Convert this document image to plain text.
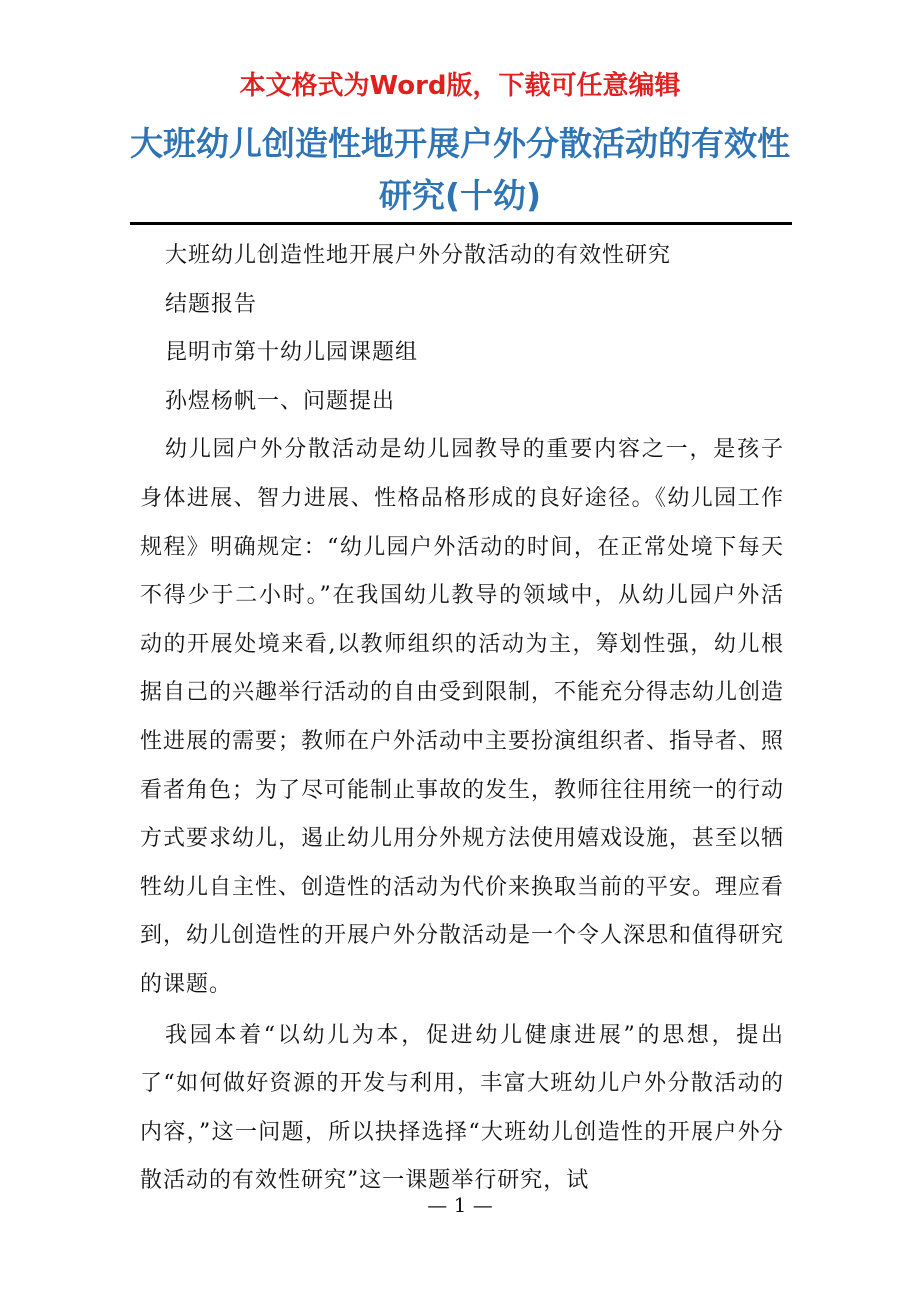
本文格式为Word版，下载可任意编辑
大班幼儿创造性地开展户外分散活动的有效性研究(十幼)

大班幼儿创造性地开展户外分散活动的有效性研究

结题报告

昆明市第十幼儿园课题组

孙煜杨帆一、问题提出

幼儿园户外分散活动是幼儿园教导的重要内容之一，是孩子身体进展、智力进展、性格品格形成的良好途径。《幼儿园工作规程》明确规定：“幼儿园户外活动的时间，在正常处境下每天不得少于二小时。”在我国幼儿教导的领域中，从幼儿园户外活动的开展处境来看,以教师组织的活动为主，筹划性强，幼儿根据自己的兴趣举行活动的自由受到限制，不能充分得志幼儿创造性进展的需要；教师在户外活动中主要扮演组织者、指导者、照看者角色；为了尽可能制止事故的发生，教师往往用统一的行动方式要求幼儿，遏止幼儿用分外规方法使用嬉戏设施，甚至以牺牲幼儿自主性、创造性的活动为代价来换取当前的平安。理应看到，幼儿创造性的开展户外分散活动是一个令人深思和值得研究的课题。

我园本着“以幼儿为本，促进幼儿健康进展”的思想，提出了“如何做好资源的开发与利用，丰富大班幼儿户外分散活动的内容，”这一问题，所以抉择选择“大班幼儿创造性的开展户外分散活动的有效性研究”这一课题举行研究，试

— 1 —
